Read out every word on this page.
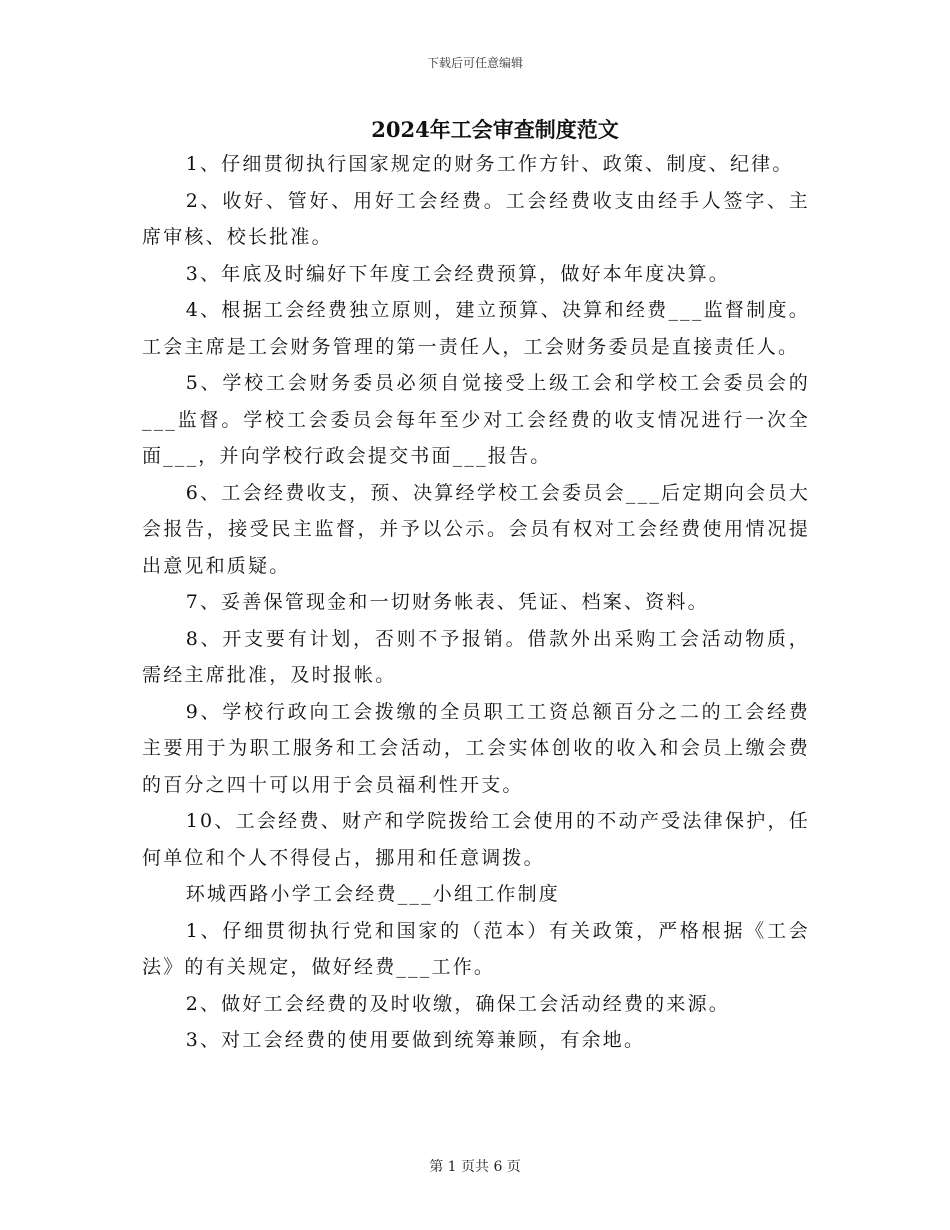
下载后可任意编辑
2024年工会审查制度范文

1、仔细贯彻执行国家规定的财务工作方针、政策、制度、纪律。

2、收好、管好、用好工会经费。工会经费收支由经手人签字、主席审核、校长批准。

3、年底及时编好下年度工会经费预算，做好本年度决算。

4、根据工会经费独立原则，建立预算、决算和经费___监督制度。工会主席是工会财务管理的第一责任人，工会财务委员是直接责任人。

5、学校工会财务委员必须自觉接受上级工会和学校工会委员会的___监督。学校工会委员会每年至少对工会经费的收支情况进行一次全面___，并向学校行政会提交书面___报告。

6、工会经费收支，预、决算经学校工会委员会___后定期向会员大会报告，接受民主监督，并予以公示。会员有权对工会经费使用情况提出意见和质疑。

7、妥善保管现金和一切财务帐表、凭证、档案、资料。

8、开支要有计划，否则不予报销。借款外出采购工会活动物质，需经主席批准，及时报帐。

9、学校行政向工会拨缴的全员职工工资总额百分之二的工会经费主要用于为职工服务和工会活动，工会实体创收的收入和会员上缴会费的百分之四十可以用于会员福利性开支。

10、工会经费、财产和学院拨给工会使用的不动产受法律保护，任何单位和个人不得侵占，挪用和任意调拨。

环城西路小学工会经费___小组工作制度

1、仔细贯彻执行党和国家的（范本）有关政策，严格根据《工会法》的有关规定，做好经费___工作。

2、做好工会经费的及时收缴，确保工会活动经费的来源。

3、对工会经费的使用要做到统筹兼顾，有余地。

第 1 页共 6 页
